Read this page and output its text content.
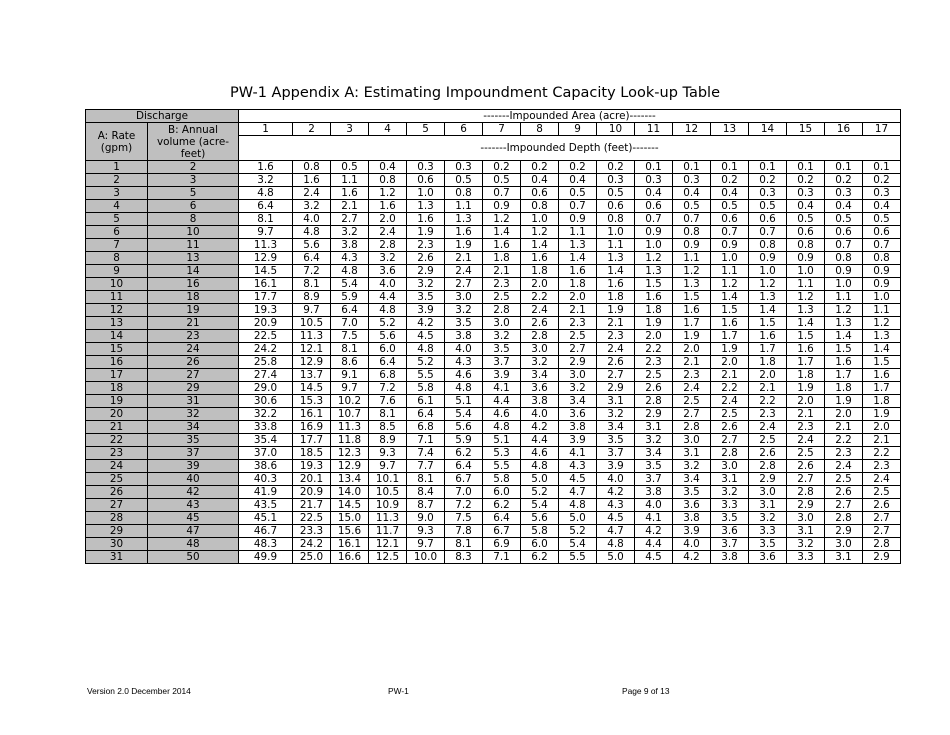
PW-1 Appendix A: Estimating Impoundment Capacity Look-up Table
Discharge		-------Impounded Area (acre)-------																
A: Rate (gpm)	B: Annual volume (acre-feet)	1	2	3	4	5	6	7	8	9	10	11	12	13	14	15	16	17
		-------Impounded Depth (feet)-------																
1	2	1.6	0.8	0.5	0.4	0.3	0.3	0.2	0.2	0.2	0.2	0.1	0.1	0.1	0.1	0.1	0.1	0.1
2	3	3.2	1.6	1.1	0.8	0.6	0.5	0.5	0.4	0.4	0.3	0.3	0.3	0.2	0.2	0.2	0.2	0.2
3	5	4.8	2.4	1.6	1.2	1.0	0.8	0.7	0.6	0.5	0.5	0.4	0.4	0.4	0.3	0.3	0.3	0.3
4	6	6.4	3.2	2.1	1.6	1.3	1.1	0.9	0.8	0.7	0.6	0.6	0.5	0.5	0.5	0.4	0.4	0.4
5	8	8.1	4.0	2.7	2.0	1.6	1.3	1.2	1.0	0.9	0.8	0.7	0.7	0.6	0.6	0.5	0.5	0.5
6	10	9.7	4.8	3.2	2.4	1.9	1.6	1.4	1.2	1.1	1.0	0.9	0.8	0.7	0.7	0.6	0.6	0.6
7	11	11.3	5.6	3.8	2.8	2.3	1.9	1.6	1.4	1.3	1.1	1.0	0.9	0.9	0.8	0.8	0.7	0.7
8	13	12.9	6.4	4.3	3.2	2.6	2.1	1.8	1.6	1.4	1.3	1.2	1.1	1.0	0.9	0.9	0.8	0.8
9	14	14.5	7.2	4.8	3.6	2.9	2.4	2.1	1.8	1.6	1.4	1.3	1.2	1.1	1.0	1.0	0.9	0.9
10	16	16.1	8.1	5.4	4.0	3.2	2.7	2.3	2.0	1.8	1.6	1.5	1.3	1.2	1.2	1.1	1.0	0.9
11	18	17.7	8.9	5.9	4.4	3.5	3.0	2.5	2.2	2.0	1.8	1.6	1.5	1.4	1.3	1.2	1.1	1.0
12	19	19.3	9.7	6.4	4.8	3.9	3.2	2.8	2.4	2.1	1.9	1.8	1.6	1.5	1.4	1.3	1.2	1.1
13	21	20.9	10.5	7.0	5.2	4.2	3.5	3.0	2.6	2.3	2.1	1.9	1.7	1.6	1.5	1.4	1.3	1.2
14	23	22.5	11.3	7.5	5.6	4.5	3.8	3.2	2.8	2.5	2.3	2.0	1.9	1.7	1.6	1.5	1.4	1.3
15	24	24.2	12.1	8.1	6.0	4.8	4.0	3.5	3.0	2.7	2.4	2.2	2.0	1.9	1.7	1.6	1.5	1.4
16	26	25.8	12.9	8.6	6.4	5.2	4.3	3.7	3.2	2.9	2.6	2.3	2.1	2.0	1.8	1.7	1.6	1.5
17	27	27.4	13.7	9.1	6.8	5.5	4.6	3.9	3.4	3.0	2.7	2.5	2.3	2.1	2.0	1.8	1.7	1.6
18	29	29.0	14.5	9.7	7.2	5.8	4.8	4.1	3.6	3.2	2.9	2.6	2.4	2.2	2.1	1.9	1.8	1.7
19	31	30.6	15.3	10.2	7.6	6.1	5.1	4.4	3.8	3.4	3.1	2.8	2.5	2.4	2.2	2.0	1.9	1.8
20	32	32.2	16.1	10.7	8.1	6.4	5.4	4.6	4.0	3.6	3.2	2.9	2.7	2.5	2.3	2.1	2.0	1.9
21	34	33.8	16.9	11.3	8.5	6.8	5.6	4.8	4.2	3.8	3.4	3.1	2.8	2.6	2.4	2.3	2.1	2.0
22	35	35.4	17.7	11.8	8.9	7.1	5.9	5.1	4.4	3.9	3.5	3.2	3.0	2.7	2.5	2.4	2.2	2.1
23	37	37.0	18.5	12.3	9.3	7.4	6.2	5.3	4.6	4.1	3.7	3.4	3.1	2.8	2.6	2.5	2.3	2.2
24	39	38.6	19.3	12.9	9.7	7.7	6.4	5.5	4.8	4.3	3.9	3.5	3.2	3.0	2.8	2.6	2.4	2.3
25	40	40.3	20.1	13.4	10.1	8.1	6.7	5.8	5.0	4.5	4.0	3.7	3.4	3.1	2.9	2.7	2.5	2.4
26	42	41.9	20.9	14.0	10.5	8.4	7.0	6.0	5.2	4.7	4.2	3.8	3.5	3.2	3.0	2.8	2.6	2.5
27	43	43.5	21.7	14.5	10.9	8.7	7.2	6.2	5.4	4.8	4.3	4.0	3.6	3.3	3.1	2.9	2.7	2.6
28	45	45.1	22.5	15.0	11.3	9.0	7.5	6.4	5.6	5.0	4.5	4.1	3.8	3.5	3.2	3.0	2.8	2.7
29	47	46.7	23.3	15.6	11.7	9.3	7.8	6.7	5.8	5.2	4.7	4.2	3.9	3.6	3.3	3.1	2.9	2.7
30	48	48.3	24.2	16.1	12.1	9.7	8.1	6.9	6.0	5.4	4.8	4.4	4.0	3.7	3.5	3.2	3.0	2.8
31	50	49.9	25.0	16.6	12.5	10.0	8.3	7.1	6.2	5.5	5.0	4.5	4.2	3.8	3.6	3.3	3.1	2.9
Version 2.0 December 2014	PW-1	Page 9 of 13
